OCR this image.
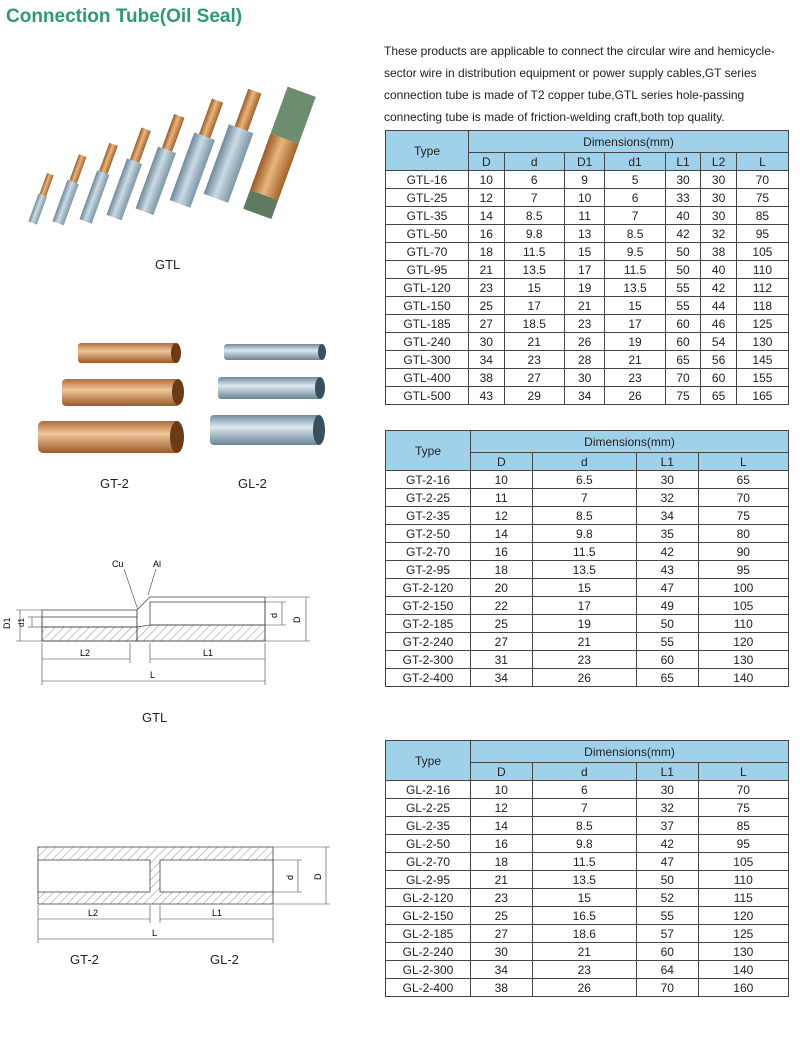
Connection Tube(Oil Seal)
These products are applicable to connect the circular wire and hemicycle-sector wire in distribution equipment or power supply cables,GT series connection tube is made of T2 copper tube,GTL series hole-passing connecting tube is made of friction-welding craft,both top quality.
GTL
GT-2	GL-2
Cu	Al
D1 d1
d
D
L2	L1
L
GTL
d D
L2	L1
L
GT-2	GL-2
Type	Dimensions(mm)						
	D	d	D1	d1	L1	L2	L
GTL-16	10	6	9	5	30	30	70
GTL-25	12	7	10	6	33	30	75
GTL-35	14	8.5	11	7	40	30	85
GTL-50	16	9.8	13	8.5	42	32	95
GTL-70	18	11.5	15	9.5	50	38	105
GTL-95	21	13.5	17	11.5	50	40	110
GTL-120	23	15	19	13.5	55	42	112
GTL-150	25	17	21	15	55	44	118
GTL-185	27	18.5	23	17	60	46	125
GTL-240	30	21	26	19	60	54	130
GTL-300	34	23	28	21	65	56	145
GTL-400	38	27	30	23	70	60	155
GTL-500	43	29	34	26	75	65	165
Type	Dimensions(mm)			
	D	d	L1	L
GT-2-16	10	6.5	30	65
GT-2-25	11	7	32	70
GT-2-35	12	8.5	34	75
GT-2-50	14	9.8	35	80
GT-2-70	16	11.5	42	90
GT-2-95	18	13.5	43	95
GT-2-120	20	15	47	100
GT-2-150	22	17	49	105
GT-2-185	25	19	50	110
GT-2-240	27	21	55	120
GT-2-300	31	23	60	130
GT-2-400	34	26	65	140
Type	Dimensions(mm)			
	D	d	L1	L
GL-2-16	10	6	30	70
GL-2-25	12	7	32	75
GL-2-35	14	8.5	37	85
GL-2-50	16	9.8	42	95
GL-2-70	18	11.5	47	105
GL-2-95	21	13.5	50	110
GL-2-120	23	15	52	115
GL-2-150	25	16.5	55	120
GL-2-185	27	18.6	57	125
GL-2-240	30	21	60	130
GL-2-300	34	23	64	140
GL-2-400	38	26	70	160
